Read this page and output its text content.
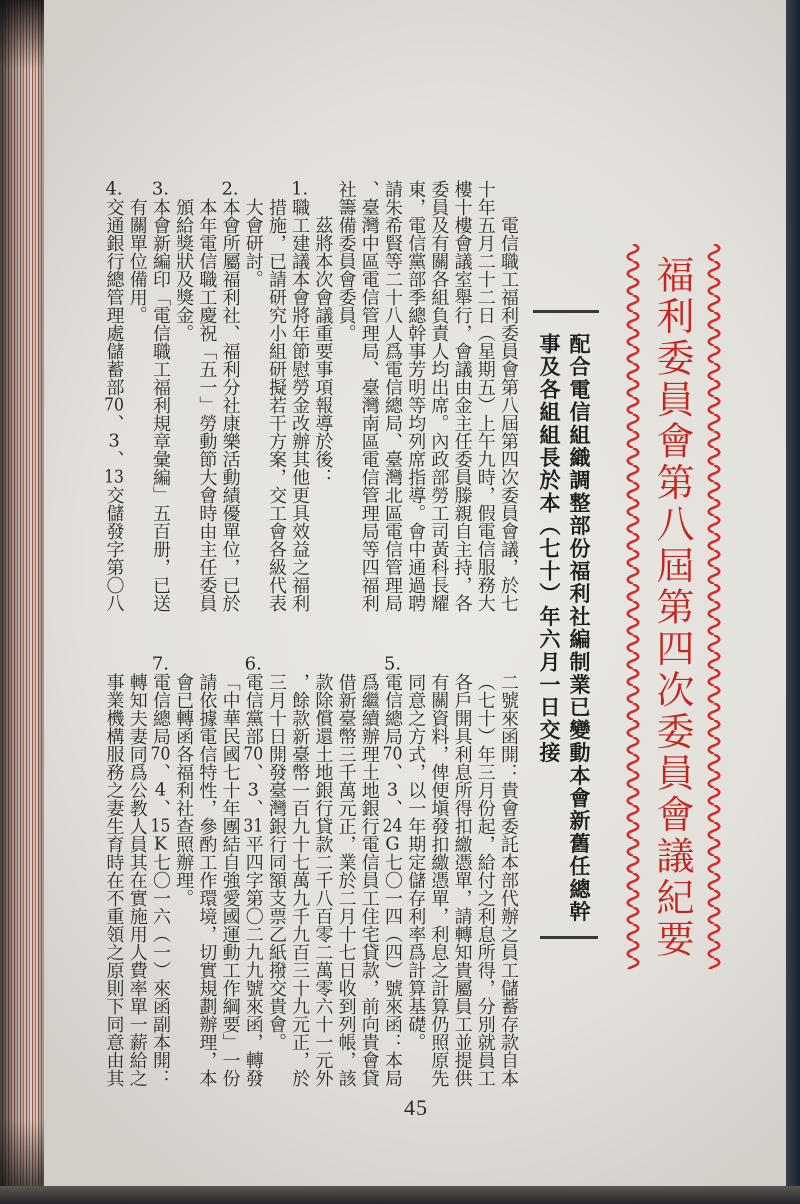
福利委員會第八屆第四次委員會議紀要
配合電信組織調整部份福利社編制業已變動本會新舊任總幹
事及各組組長於本（七十）年六月一日交接
電信職工福利委員會第八屆第四次委員會議，於七
十年五月二十二日（星期五）上午九時，假電信服務大
樓十樓會議室舉行，會議由金主任委員滕親自主持，各
委員及有關各組負責人均出席。內政部勞工司黃科長耀
東，電信黨部季總幹事芳明等均列席指導。會中通過聘
請朱希賢等二十八人爲電信總局、臺灣北區電信管理局
、臺灣中區電信管理局、臺灣南區電信管理局等四福利
社籌備委員會委員。
茲將本次會議重要事項報導於後：
1.職工建議本會將年節慰勞金改辦其他更具效益之福利
措施，已請研究小組研擬若干方案，交工會各級代表
大會研討。
2.本會所屬福利社、福利分社康樂活動績優單位，已於
本年電信職工慶祝「五一」勞動節大會時由主任委員
頒給獎狀及獎金。
3.本會新編印「電信職工福利規章彙編」五百册，已送
有關單位備用。
4.交通銀行總管理處儲蓄部70、3、13交儲發字第〇八
二號來函開：貴會委託本部代辦之員工儲蓄存款自本
（七十）年三月份起，給付之利息所得，分別就員工
各戶開具利息所得扣繳憑單，請轉知貴屬員工並提供
有關資料，俾便塡發扣繳憑單，利息之計算仍照原先
同意之方式，以一年期定儲存利率爲計算基礎。
5.電信總局70、3、24G七〇一四（四）號來函：本局
爲繼續辦理土地銀行電信員工住宅貸款，前向貴會貸
借新臺幣三千萬元正，業於二月十七日收到列帳，該
款除償還土地銀行貸款二千八百零二萬零六十一元外
，餘款新臺幣一百九十七萬九千九百三十九元正，於
三月十日開發臺灣銀行同額支票乙紙撥交貴會。
6.電信黨部70、3、31平四字第〇二九九號來函，轉發
「中華民國七十年團結自強愛國運動工作綱要」一份
請依據電信特性，參酌工作環境，切實規劃辦理，本
會已轉函各福利社查照辦理。
7.電信總局70、4、15K七〇一六（一）來函副本開：
轉知夫妻同爲公教人員其在實施用人費率單一薪給之
事業機構服務之妻生育時在不重領之原則下同意由其
45
